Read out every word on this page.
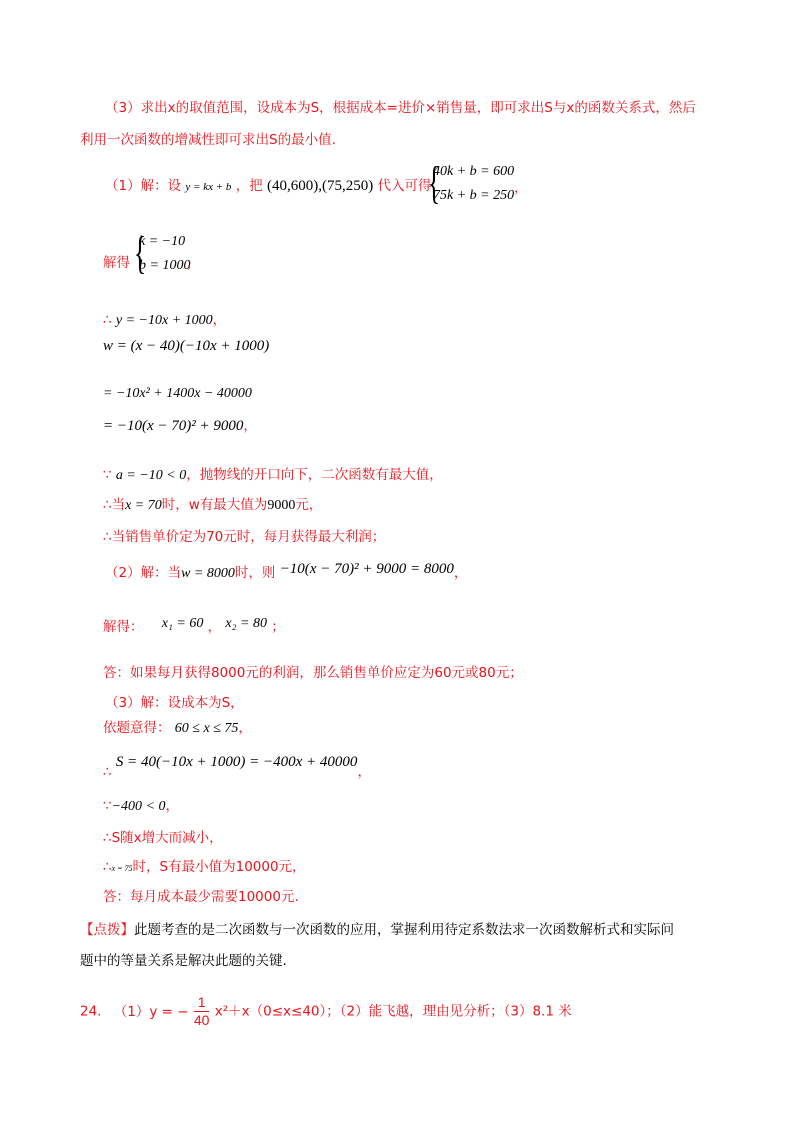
（3）求出x的取值范围，设成本为S，根据成本=进价×销售量，即可求出S与x的函数关系式，然后
利用一次函数的增减性即可求出S的最小值.
（1）解：设 y = kx + b ，把 (40,600),(75,250) 代入可得
{
40k + b = 600
75k + b = 250 ，
解得 {
k = −10
b = 1000
；
∴ y = −10x + 1000，
w = (x − 40)(−10x + 1000)
= −10x² + 1400x − 40000
= −10(x − 70)² + 9000，
∵ a = −10 < 0，抛物线的开口向下，二次函数有最大值，
∴当x = 70时，w有最大值为9000元，
∴当销售单价定为70元时，每月获得最大利润；
（2）解：当w = 8000时，则 −10(x − 70)² + 9000 = 8000，
解得： x₁ = 60 ， x₂ = 80 ；
答：如果每月获得8000元的利润，那么销售单价应定为60元或80元；
（3）解：设成本为S，
依题意得： 60 ≤ x ≤ 75，
∴ S = 40(−10x + 1000) = −400x + 40000，
∵−400 < 0，
∴S随x增大而减小，
∴x = 75时，S有最小值为10000元，
答：每月成本最少需要10000元.
【点拨】此题考查的是二次函数与一次函数的应用，掌握利用待定系数法求一次函数解析式和实际问
题中的等量关系是解决此题的关键.
24. （1）y = − $\frac{1}{40} x^2+x(0\le x\le 40)$；（2）能飞越，理由见分析；（3）8.1 米
